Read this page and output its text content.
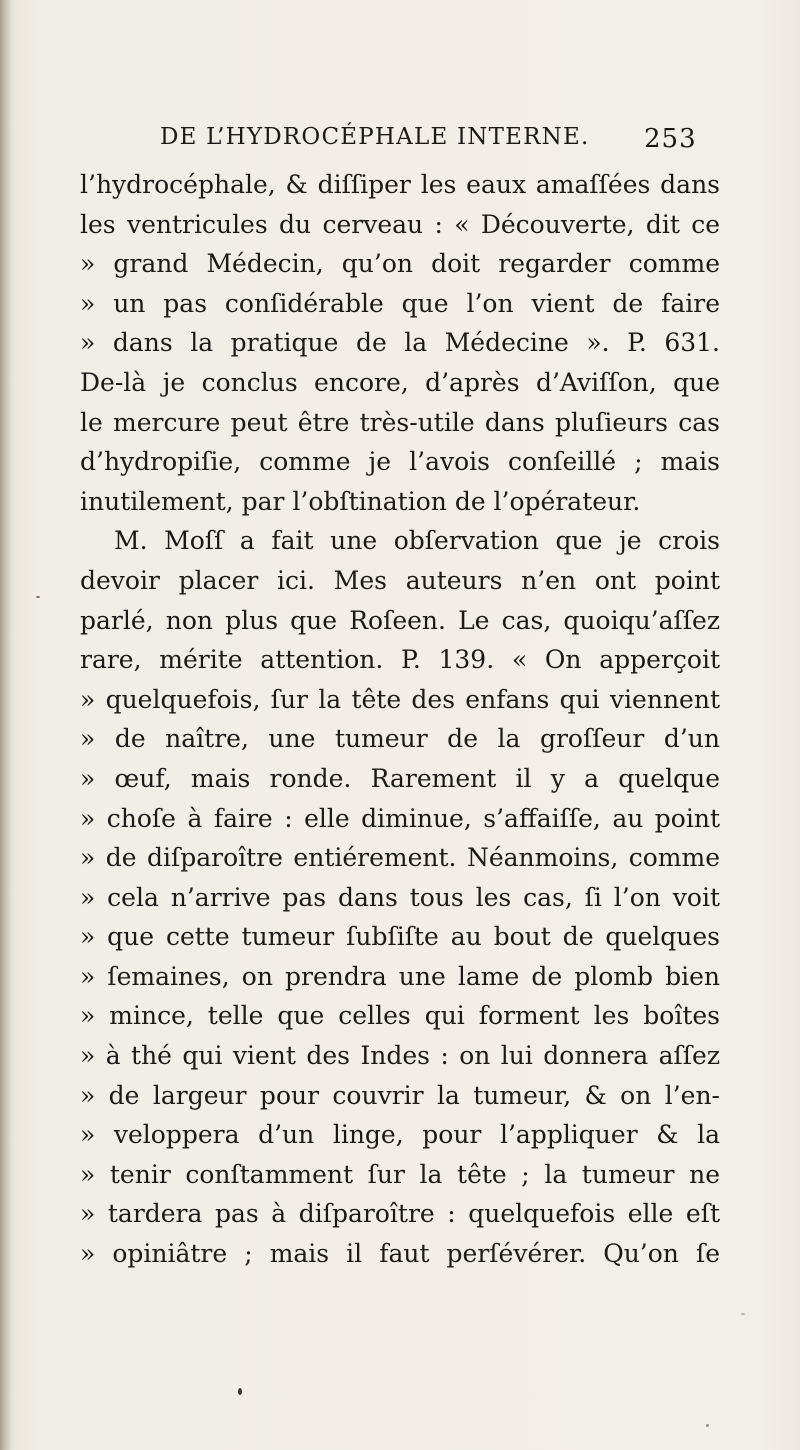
DE L’HYDROCÉPHALE INTERNE. 253
l’hydrocéphale, & diſſiper les eaux amaſſées dans
les ventricules du cerveau : « Découverte, dit ce
» grand Médecin, qu’on doit regarder comme
» un pas conſidérable que l’on vient de faire
» dans la pratique de la Médecine ». P. 631.
De-là je conclus encore, d’après d’Aviſſon, que
le mercure peut être très-utile dans pluſieurs cas
d’hydropiſie, comme je l’avois conſeillé ; mais
inutilement, par l’obſtination de l’opérateur.
M. Moſſ a fait une obſervation que je crois
devoir placer ici. Mes auteurs n’en ont point
parlé, non plus que Roſeen. Le cas, quoiqu’aſſez
rare, mérite attention. P. 139. « On apperçoit
» quelquefois, ſur la tête des enfans qui viennent
» de naître, une tumeur de la groſſeur d’un
» œuf, mais ronde. Rarement il y a quelque
» choſe à faire : elle diminue, s’affaiſſe, au point
» de diſparoître entiérement. Néanmoins, comme
» cela n’arrive pas dans tous les cas, ſi l’on voit
» que cette tumeur ſubſiſte au bout de quelques
» ſemaines, on prendra une lame de plomb bien
» mince, telle que celles qui forment les boîtes
» à thé qui vient des Indes : on lui donnera aſſez
» de largeur pour couvrir la tumeur, & on l’en-
» veloppera d’un linge, pour l’appliquer & la
» tenir conſtamment ſur la tête ; la tumeur ne
» tardera pas à diſparoître : quelquefois elle eſt
» opiniâtre ; mais il faut perſévérer. Qu’on ſe
